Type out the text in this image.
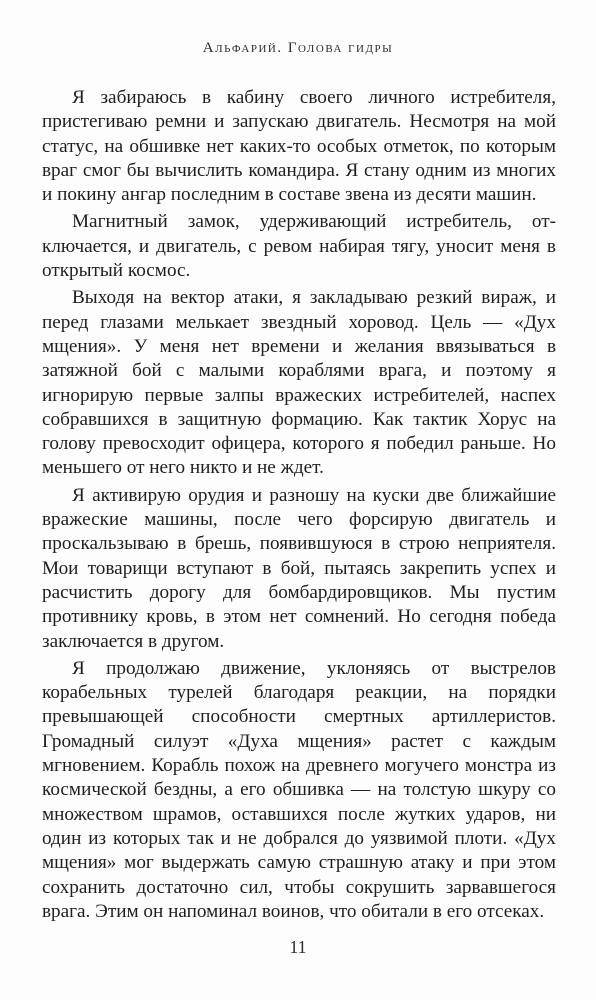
Альфарий. Голова гидры

Я забираюсь в кабину своего личного истребителя, пристегиваю ремни и запускаю двигатель. Несмотря на мой статус, на обшивке нет каких-то особых отметок, по которым враг смог бы вычислить командира. Я стану одним из многих и покину ангар последним в составе звена из десяти машин.

Магнитный замок, удерживающий истребитель, отключается, и двигатель, с ревом набирая тягу, уносит меня в открытый космос.

Выходя на вектор атаки, я закладываю резкий вираж, и перед глазами мелькает звездный хоровод. Цель — «Дух мщения». У меня нет времени и желания ввязываться в затяжной бой с малыми кораблями врага, и поэтому я игнорирую первые залпы вражеских истребителей, наспех собравшихся в защитную формацию. Как тактик Хорус на голову превосходит офицера, которого я победил раньше. Но меньшего от него никто и не ждет.

Я активирую орудия и разношу на куски две ближайшие вражеские машины, после чего форсирую двигатель и проскальзываю в брешь, появившуюся в строю неприятеля. Мои товарищи вступают в бой, пытаясь закрепить успех и расчистить дорогу для бомбардировщиков. Мы пустим противнику кровь, в этом нет сомнений. Но сегодня победа заключается в другом.

Я продолжаю движение, уклоняясь от выстрелов корабельных турелей благодаря реакции, на порядки превышающей способности смертных артиллеристов. Громадный силуэт «Духа мщения» растет с каждым мгновением. Корабль похож на древнего могучего монстра из космической бездны, а его обшивка — на толстую шкуру со множеством шрамов, оставшихся после жутких ударов, ни один из которых так и не добрался до уязвимой плоти. «Дух мщения» мог выдержать самую страшную атаку и при этом сохранить достаточно сил, чтобы сокрушить зарвавшегося врага. Этим он напоминал воинов, что обитали в его отсеках.

11
